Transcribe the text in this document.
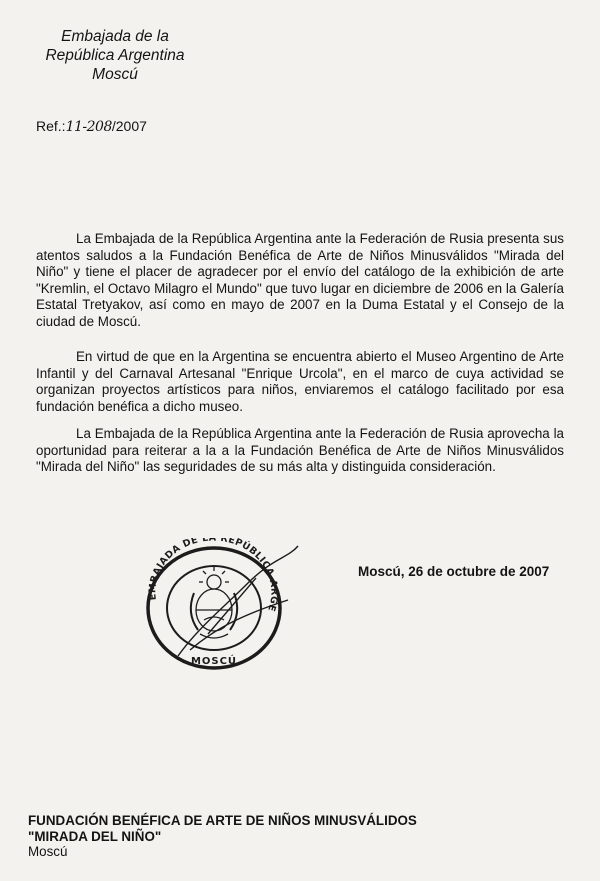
Embajada de la
República Argentina
Moscú
Ref.:11-208/2007

La Embajada de la República Argentina ante la Federación de Rusia presenta sus atentos saludos a la Fundación Benéfica de Arte de Niños Minusválidos "Mirada del Niño" y tiene el placer de agradecer por el envío del catálogo de la exhibición de arte "Kremlin, el Octavo Milagro el Mundo" que tuvo lugar en diciembre de 2006 en la Galería Estatal Tretyakov, así como en mayo de 2007 en la Duma Estatal y el Consejo de la ciudad de Moscú.

En virtud de que en la Argentina se encuentra abierto el Museo Argentino de Arte Infantil y del Carnaval Artesanal "Enrique Urcola", en el marco de cuya actividad se organizan proyectos artísticos para niños, enviaremos el catálogo facilitado por esa fundación benéfica a dicho museo.

La Embajada de la República Argentina ante la Federación de Rusia aprovecha la oportunidad para reiterar a la a la Fundación Benéfica de Arte de Niños Minusválidos "Mirada del Niño" las seguridades de su más alta y distinguida consideración.

EMBAJADA DE LA REPÚBLICA ARGE
MOSCÚ
Moscú, 26 de octubre de 2007
FUNDACIÓN BENÉFICA DE ARTE DE NIÑOS MINUSVÁLIDOS
"MIRADA DEL NIÑO"
Moscú
